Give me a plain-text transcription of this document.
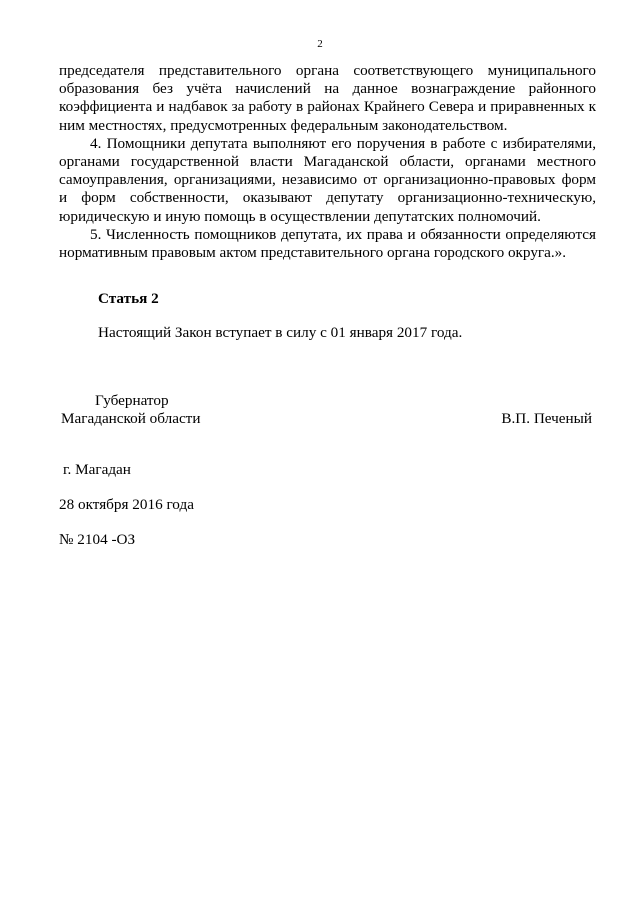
2

председателя представительного органа соответствующего муниципального образования без учёта начислений на данное вознаграждение районного коэффициента и надбавок за работу в районах Крайнего Севера и приравненных к ним местностях, предусмотренных федеральным законодательством.

4. Помощники депутата выполняют его поручения в работе с избирателями, органами государственной власти Магаданской области, органами местного самоуправления, организациями, независимо от организационно-правовых форм и форм собственности, оказывают депутату организационно-техническую, юридическую и иную помощь в осуществлении депутатских полномочий.

5. Численность помощников депутата, их права и обязанности определяются нормативным правовым актом представительного органа городского округа.».

Статья 2
Настоящий Закон вступает в силу с 01 января 2017 года.
Губернатор
Магаданской области	В.П. Печеный
г. Магадан
28 октября 2016 года
№ 2104 -ОЗ
